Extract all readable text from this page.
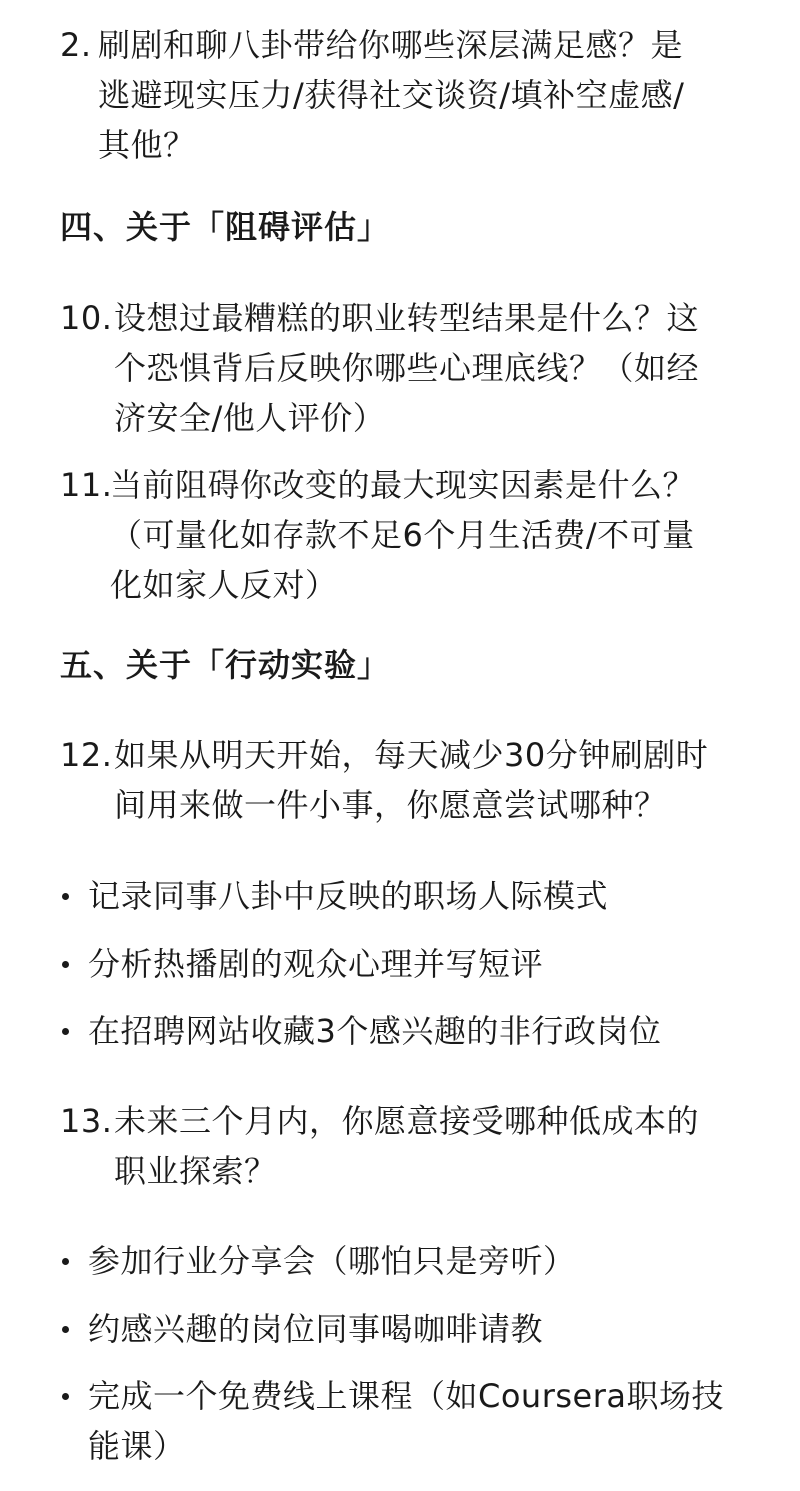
2. 刷剧和聊八卦带给你哪些深层满足感？是
逃避现实压力/获得社交谈资/填补空虚感/
其他？
四、关于「阻碍评估」
10. 设想过最糟糕的职业转型结果是什么？这
个恐惧背后反映你哪些心理底线？（如经
济安全/他人评价）
11.
当前阻碍你改变的最大现实因素是什么？
（可量化如存款不足6个月生活费/不可量
化如家人反对）
五、关于「行动实验」
12. 如果从明天开始，每天减少30分钟刷剧时
间用来做一件小事，你愿意尝试哪种？
记录同事八卦中反映的职场人际模式
分析热播剧的观众心理并写短评
在招聘网站收藏3个感兴趣的非行政岗位
13. 未来三个月内，你愿意接受哪种低成本的
职业探索？
参加行业分享会（哪怕只是旁听）
约感兴趣的岗位同事喝咖啡请教
完成一个免费线上课程（如Coursera职场技
能课）
